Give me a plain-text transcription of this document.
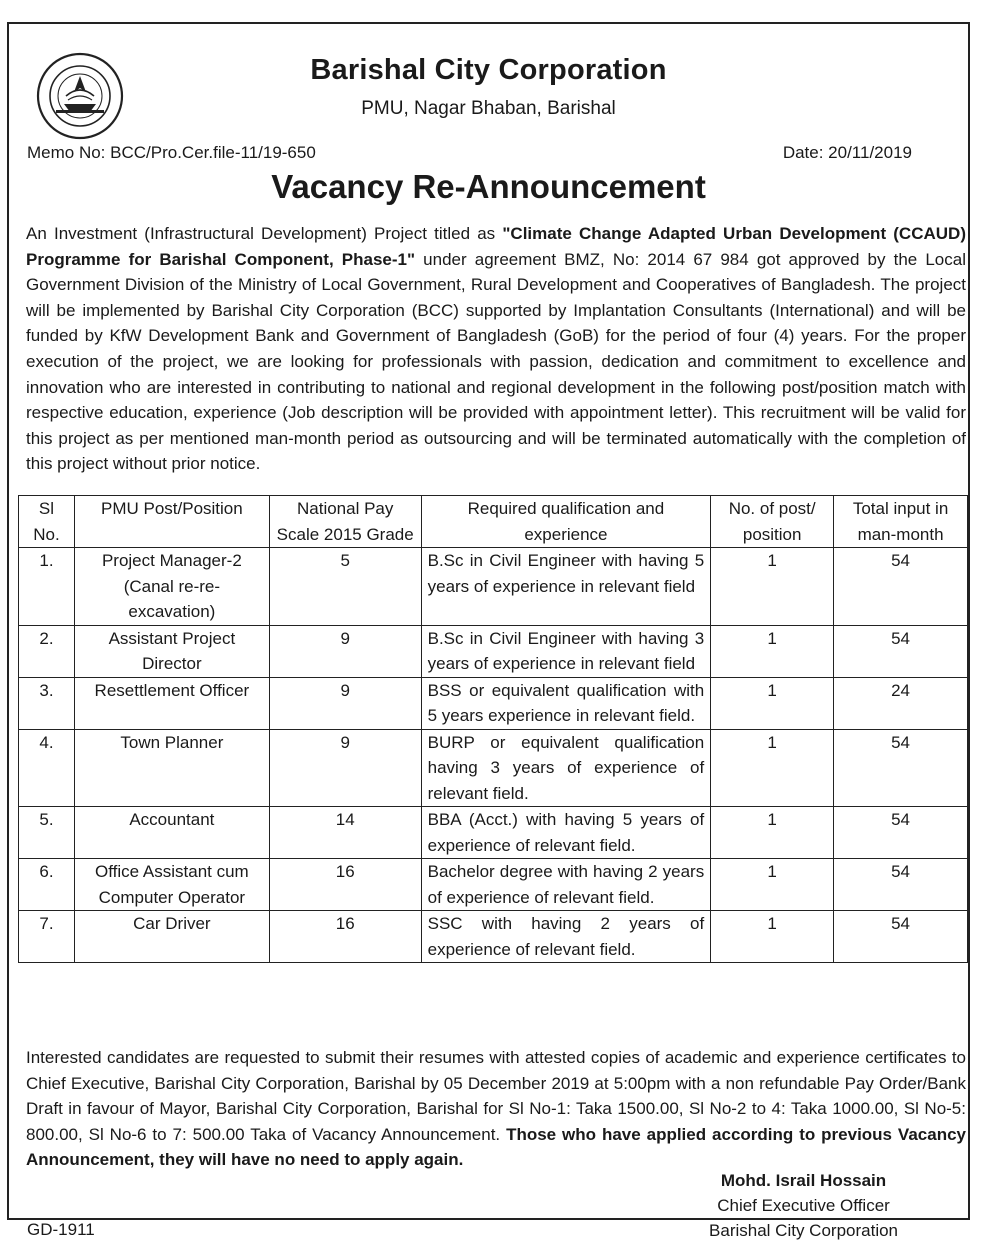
Barishal City Corporation
PMU, Nagar Bhaban, Barishal
Memo No: BCC/Pro.Cer.file-11/19-650	Date: 20/11/2019
Vacancy Re-Announcement

An Investment (Infrastructural Development) Project titled as "Climate Change Adapted Urban Development (CCAUD) Programme for Barishal Component, Phase-1" under agreement BMZ, No: 2014 67 984 got approved by the Local Government Division of the Ministry of Local Government, Rural Development and Cooperatives of Bangladesh. The project will be implemented by Barishal City Corporation (BCC) supported by Implantation Consultants (International) and will be funded by KfW Development Bank and Government of Bangladesh (GoB) for the period of four (4) years. For the proper execution of the project, we are looking for professionals with passion, dedication and commitment to excellence and innovation who are interested in contributing to national and regional development in the following post/position match with respective education, experience (Job description will be provided with appointment letter). This recruitment will be valid for this project as per mentioned man-month period as outsourcing and will be terminated automatically with the completion of this project without prior notice.

Sl No.	PMU Post/Position	National Pay Scale 2015 Grade	Required qualification and experience	No. of post/ position	Total input in man-month
1.	Project Manager-2 (Canal re-re-excavation)	5	B.Sc in Civil Engineer with having 5 years of experience in relevant field	1	54
2.	Assistant Project Director	9	B.Sc in Civil Engineer with having 3 years of experience in relevant field	1	54
3.	Resettlement Officer	9	BSS or equivalent qualification with 5 years experience in relevant field.	1	24
4.	Town Planner	9	BURP or equivalent qualification having 3 years of experience of relevant field.	1	54
5.	Accountant	14	BBA (Acct.) with having 5 years of experience of relevant field.	1	54
6.	Office Assistant cum Computer Operator	16	Bachelor degree with having 2 years of experience of relevant field.	1	54
7.	Car Driver	16	SSC with having 2 years of experience of relevant field.	1	54

Interested candidates are requested to submit their resumes with attested copies of academic and experience certificates to Chief Executive, Barishal City Corporation, Barishal by 05 December 2019 at 5:00pm with a non refundable Pay Order/Bank Draft in favour of Mayor, Barishal City Corporation, Barishal for Sl No-1: Taka 1500.00, Sl No-2 to 4: Taka 1000.00, Sl No-5: 800.00, Sl No-6 to 7: 500.00 Taka of Vacancy Announcement. Those who have applied according to previous Vacancy Announcement, they will have no need to apply again.

Mohd. Israil Hossain
Chief Executive Officer
Barishal City Corporation
GD-1911
